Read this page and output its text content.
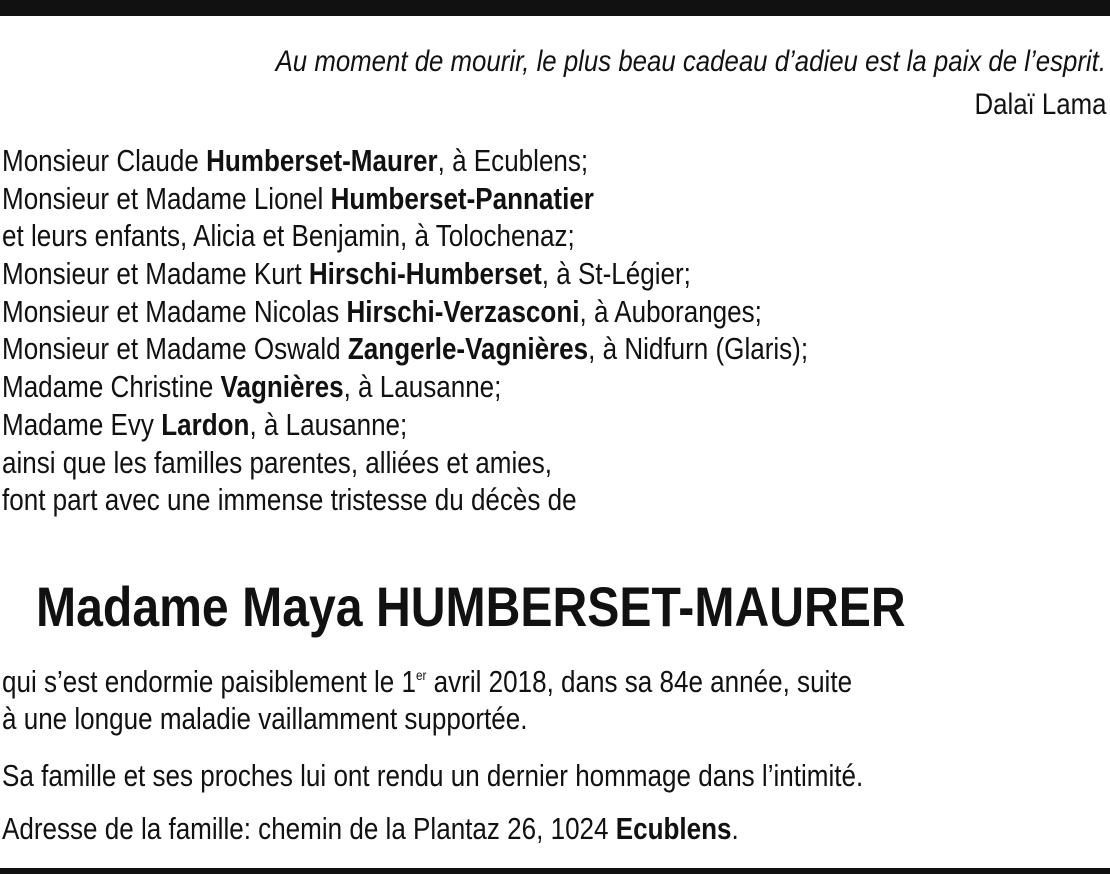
Au moment de mourir, le plus beau cadeau d’adieu est la paix de l’esprit.
Dalaï Lama
Monsieur Claude Humberset-Maurer, à Ecublens;
Monsieur et Madame Lionel Humberset-Pannatier
et leurs enfants, Alicia et Benjamin, à Tolochenaz;
Monsieur et Madame Kurt Hirschi-Humberset, à St-Légier;
Monsieur et Madame Nicolas Hirschi-Verzasconi, à Auboranges;
Monsieur et Madame Oswald Zangerle-Vagnières, à Nidfurn (Glaris);
Madame Christine Vagnières, à Lausanne;
Madame Evy Lardon, à Lausanne;
ainsi que les familles parentes, alliées et amies,
font part avec une immense tristesse du décès de
Madame Maya HUMBERSET-MAURER
qui s’est endormie paisiblement le 1er avril 2018, dans sa 84e année, suite
à une longue maladie vaillamment supportée.
Sa famille et ses proches lui ont rendu un dernier hommage dans l’intimité.
Adresse de la famille: chemin de la Plantaz 26, 1024 Ecublens.
